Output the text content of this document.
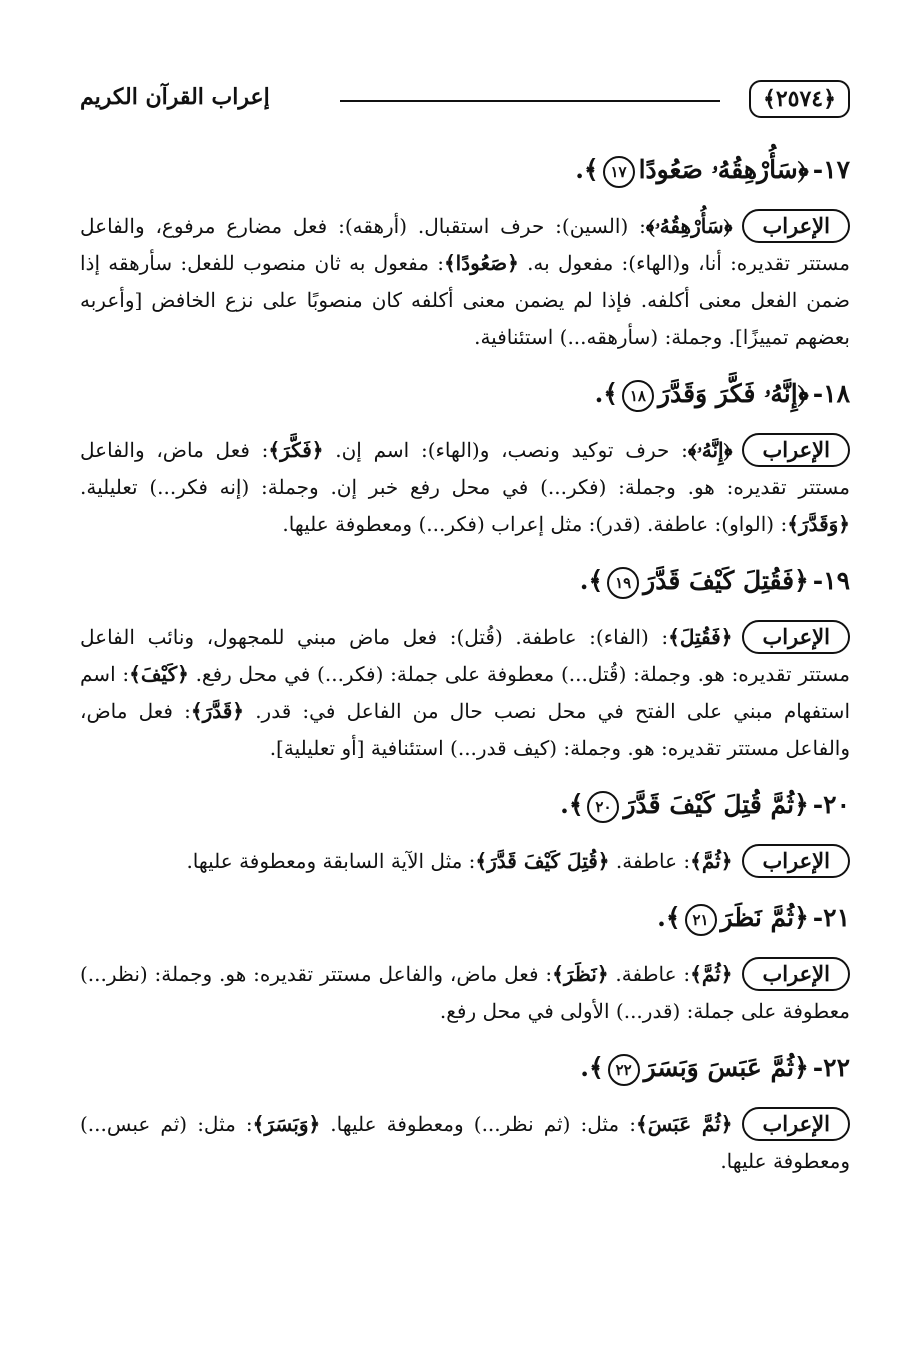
﴿٢٥٧٤﴾
إعراب القرآن الكريم
١٧-﴿سَأُرْهِقُهُۥ صَعُودًا١٧﴾.
الإعراب﴿سَأُرْهِقُهُۥ﴾: (السين): حرف استقبال. (أرهقه): فعل مضارع مرفوع، والفاعل مستتر تقديره: أنا، و(الهاء): مفعول به. ﴿صَعُودًا﴾: مفعول به ثان منصوب للفعل: سأرهقه إذا ضمن الفعل معنى أكلفه. فإذا لم يضمن معنى أكلفه كان منصوبًا على نزع الخافض [وأعربه بعضهم تمييزًا]. وجملة: (سأرهقه...) استئنافية.
١٨-﴿إِنَّهُۥ فَكَّرَ وَقَدَّرَ١٨﴾.
الإعراب﴿إِنَّهُۥ﴾: حرف توكيد ونصب، و(الهاء): اسم إن. ﴿فَكَّرَ﴾: فعل ماض، والفاعل مستتر تقديره: هو. وجملة: (فكر...) في محل رفع خبر إن. وجملة: (إنه فكر...) تعليلية. ﴿وَقَدَّرَ﴾: (الواو): عاطفة. (قدر): مثل إعراب (فكر...) ومعطوفة عليها.
١٩-﴿فَقُتِلَ كَيْفَ قَدَّرَ١٩﴾.
الإعراب﴿فَقُتِلَ﴾: (الفاء): عاطفة. (قُتل): فعل ماض مبني للمجهول، ونائب الفاعل مستتر تقديره: هو. وجملة: (قُتل...) معطوفة على جملة: (فكر...) في محل رفع. ﴿كَيْفَ﴾: اسم استفهام مبني على الفتح في محل نصب حال من الفاعل في: قدر. ﴿قَدَّرَ﴾: فعل ماض، والفاعل مستتر تقديره: هو. وجملة: (كيف قدر...) استئنافية [أو تعليلية].
٢٠-﴿ثُمَّ قُتِلَ كَيْفَ قَدَّرَ٢٠﴾.
الإعراب﴿ثُمَّ﴾: عاطفة. ﴿قُتِلَ كَيْفَ قَدَّرَ﴾: مثل الآية السابقة ومعطوفة عليها.
٢١-﴿ثُمَّ نَظَرَ٢١﴾.
الإعراب﴿ثُمَّ﴾: عاطفة. ﴿نَظَرَ﴾: فعل ماض، والفاعل مستتر تقديره: هو. وجملة: (نظر...) معطوفة على جملة: (قدر...) الأولى في محل رفع.
٢٢-﴿ثُمَّ عَبَسَ وَبَسَرَ٢٢﴾.
الإعراب﴿ثُمَّ عَبَسَ﴾: مثل: (ثم نظر...) ومعطوفة عليها. ﴿وَبَسَرَ﴾: مثل: (ثم عبس...) ومعطوفة عليها.
